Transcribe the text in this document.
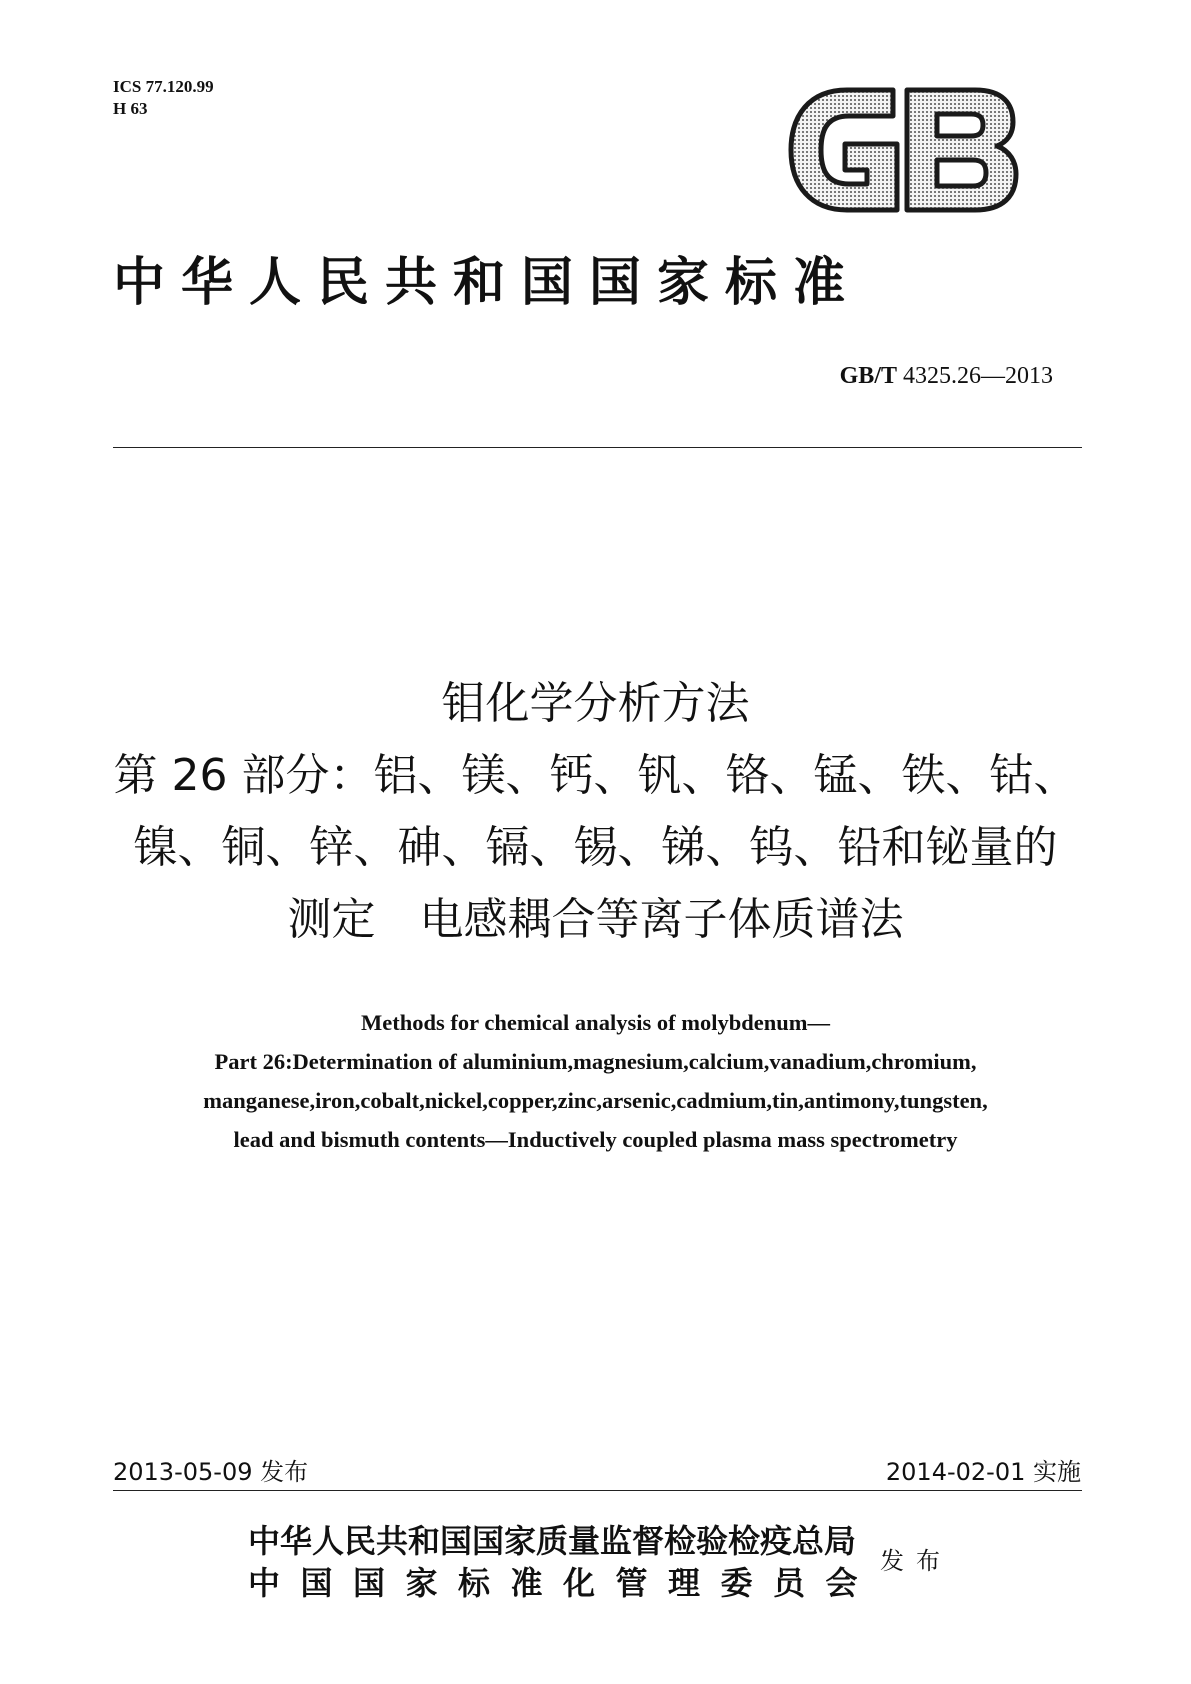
ICS 77.120.99
H 63
中华人民共和国国家标准
GB/T 4325.26—2013
钼化学分析方法
第 26 部分：铝、镁、钙、钒、铬、锰、铁、钴、
镍、铜、锌、砷、镉、锡、锑、钨、铅和铋量的
测定　电感耦合等离子体质谱法
Methods for chemical analysis of molybdenum—
Part 26:Determination of aluminium,magnesium,calcium,vanadium,chromium,
manganese,iron,cobalt,nickel,copper,zinc,arsenic,cadmium,tin,antimony,tungsten,
lead and bismuth contents—Inductively coupled plasma mass spectrometry
2013-05-09 发布	2014-02-01 实施
中华人民共和国国家质量监督检验检疫总局
中国国家标准化管理委员会
发布
